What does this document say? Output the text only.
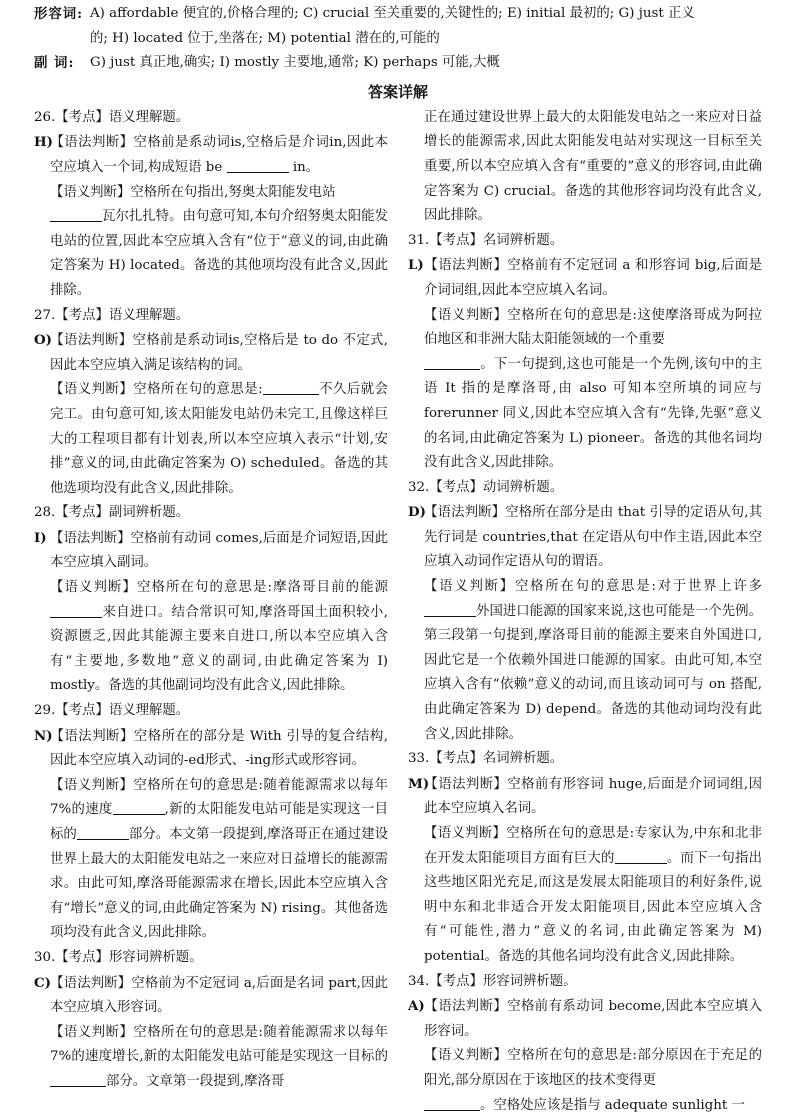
形容词: A) affordable 便宜的,价格合理的; C) crucial 至关重要的,关键性的; E) initial 最初的; G) just 正义
的; H) located 位于,坐落在; M) potential 潜在的,可能的
副 词:	G) just 真正地,确实; I) mostly 主要地,通常; K) perhaps 可能,大概
答案详解

26.【考点】语义理解题。

H)【语法判断】空格前是系动词is,空格后是介词in,因此本空应填入一个词,构成短语 be	in。

【语义判断】空格所在句指出,努奥太阳能发电站
瓦尔扎扎特。由句意可知,本句介绍努奥太阳能发电站的位置,因此本空应填入含有“位于”意义的词,由此确定答案为 H) located。备选的其他项均没有此含义,因此排除。

27.【考点】语义理解题。

O)【语法判断】空格前是系动词is,空格后是 to do 不定式,因此本空应填入满足该结构的词。

【语义判断】空格所在句的意思是:	不久后就会完工。由句意可知,该太阳能发电站仍未完工,且像这样巨大的工程项目都有计划表,所以本空应填入表示“计划,安排”意义的词,由此确定答案为 O) scheduled。备选的其他选项均没有此含义,因此排除。

28.【考点】副词辨析题。

I) 【语法判断】空格前有动词 comes,后面是介词短语,因此本空应填入副词。

【语义判断】空格所在句的意思是:摩洛哥目前的能源来自进口。结合常识可知,摩洛哥国土面积较小,资源匮乏,因此其能源主要来自进口,所以本空应填入含有“主要地,多数地”意义的副词,由此确定答案为 I) mostly。备选的其他副词均没有此含义,因此排除。

29.【考点】语义理解题。

N)【语法判断】空格所在的部分是 With 引导的复合结构,因此本空应填入动词的-ed形式、-ing形式或形容词。

【语义判断】空格所在句的意思是:随着能源需求以每年7%的速度	,新的太阳能发电站可能是实现这一目标的	部分。本文第一段提到,摩洛哥正在通过建设世界上最大的太阳能发电站之一来应对日益增长的能源需求。由此可知,摩洛哥能源需求在增长,因此本空应填入含有“增长”意义的词,由此确定答案为 N) rising。其他备选项均没有此含义,因此排除。

30.【考点】形容词辨析题。

C)【语法判断】空格前为不定冠词 a,后面是名词 part,因此本空应填入形容词。

【语义判断】空格所在句的意思是:随着能源需求以每年7%的速度增长,新的太阳能发电站可能是实现这一目标的部分。文章第一段提到,摩洛哥

正在通过建设世界上最大的太阳能发电站之一来应对日益增长的能源需求,因此太阳能发电站对实现这一目标至关重要,所以本空应填入含有“重要的”意义的形容词,由此确定答案为 C) crucial。备选的其他形容词均没有此含义,因此排除。

31.【考点】名词辨析题。

L)【语法判断】空格前有不定冠词 a 和形容词 big,后面是介词词组,因此本空应填入名词。

【语义判断】空格所在句的意思是:这使摩洛哥成为阿拉伯地区和非洲大陆太阳能领域的一个重要
。下一句提到,这也可能是一个先例,该句中的主语 It 指的是摩洛哥,由 also 可知本空所填的词应与 forerunner 同义,因此本空应填入含有“先锋,先驱”意义的名词,由此确定答案为 L) pioneer。备选的其他名词均没有此含义,因此排除。

32.【考点】动词辨析题。

D)【语法判断】空格所在部分是由 that 引导的定语从句,其先行词是 countries,that 在定语从句中作主语,因此本空应填入动词作定语从句的谓语。

【语义判断】空格所在句的意思是:对于世界上许多外国进口能源的国家来说,这也可能是一个先例。第三段第一句提到,摩洛哥目前的能源主要来自外国进口,因此它是一个依赖外国进口能源的国家。由此可知,本空应填入含有“依赖”意义的动词,而且该动词可与 on 搭配,由此确定答案为 D) depend。备选的其他动词均没有此含义,因此排除。

33.【考点】名词辨析题。

M)【语法判断】空格前有形容词 huge,后面是介词词组,因此本空应填入名词。

【语义判断】空格所在句的意思是:专家认为,中东和北非在开发太阳能项目方面有巨大的	。而下一句指出这些地区阳光充足,而这是发展太阳能项目的利好条件,说明中东和北非适合开发太阳能项目,因此本空应填入含有“可能性,潜力”意义的名词,由此确定答案为 M) potential。备选的其他名词均没有此含义,因此排除。

34.【考点】形容词辨析题。

A)【语法判断】空格前有系动词 become,因此本空应填入形容词。

【语义判断】空格所在句的意思是:部分原因在于充足的阳光,部分原因在于该地区的技术变得更
。空格处应该是指与 adequate sunlight 一
